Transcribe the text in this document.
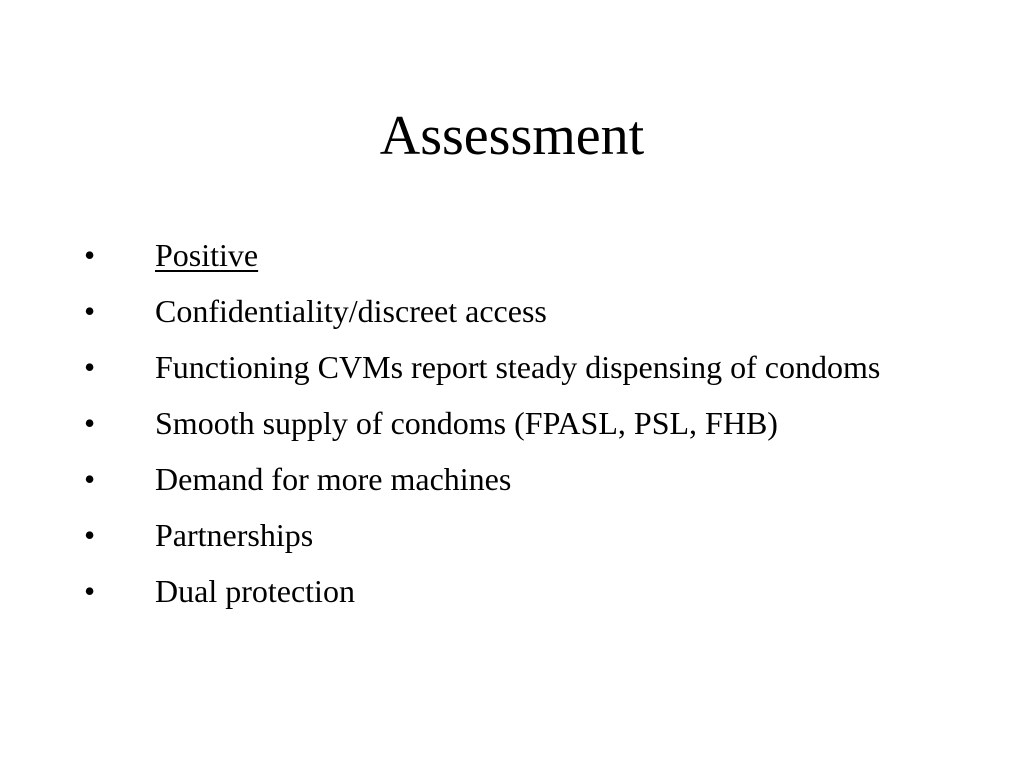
Assessment
• Positive
• Confidentiality/discreet access
• Functioning CVMs report steady dispensing of condoms
• Smooth supply of condoms (FPASL, PSL, FHB)
• Demand for more machines
• Partnerships
• Dual protection
